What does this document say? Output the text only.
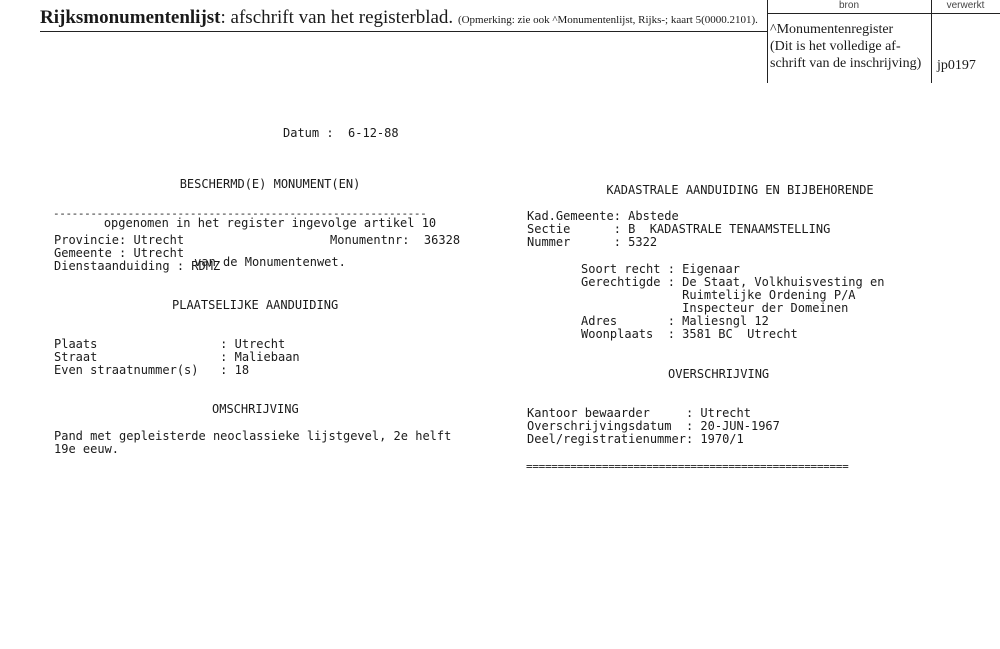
Rijksmonumentenlijst: afschrift van het registerblad. (Opmerking: zie ook ^Monumentenlijst, Rijks-; kaart 5(0000.2101).
bron	verwerkt
^Monumentenregister
(Dit is het volledige af-
schrift van de inschrijving)	jp0197
Datum :  6-12-88

BESCHERMD(E) MONUMENT(EN)

opgenomen in het register ingevolge artikel 10

van de Monumentenwet.

------------------------------------------------------------
Provincie: Utrecht	Monumentnr:  36328
Gemeente : Utrecht
Dienstaanduiding : RDMZ
PLAATSELIJKE AANDUIDING
Plaats                 : Utrecht
Straat                 : Maliebaan
Even straatnummer(s)   : 18
OMSCHRIJVING
Pand met gepleisterde neoclassieke lijstgevel, 2e helft
19e eeuw.

KADASTRALE AANDUIDING EN BIJBEHORENDE

KADASTRALE TENAAMSTELLING

Kad.Gemeente: Abstede
Sectie      : B
Nummer      : 5322
Soort recht : Eigenaar
Gerechtigde : De Staat, Volkhuisvesting en
Ruimtelijke Ordening P/A
Inspecteur der Domeinen
Adres       : Maliesngl 12
Woonplaats  : 3581 BC  Utrecht
OVERSCHRIJVING
Kantoor bewaarder     : Utrecht
Overschrijvingsdatum  : 20-JUN-1967
Deel/registratienummer: 1970/1
===================================================
